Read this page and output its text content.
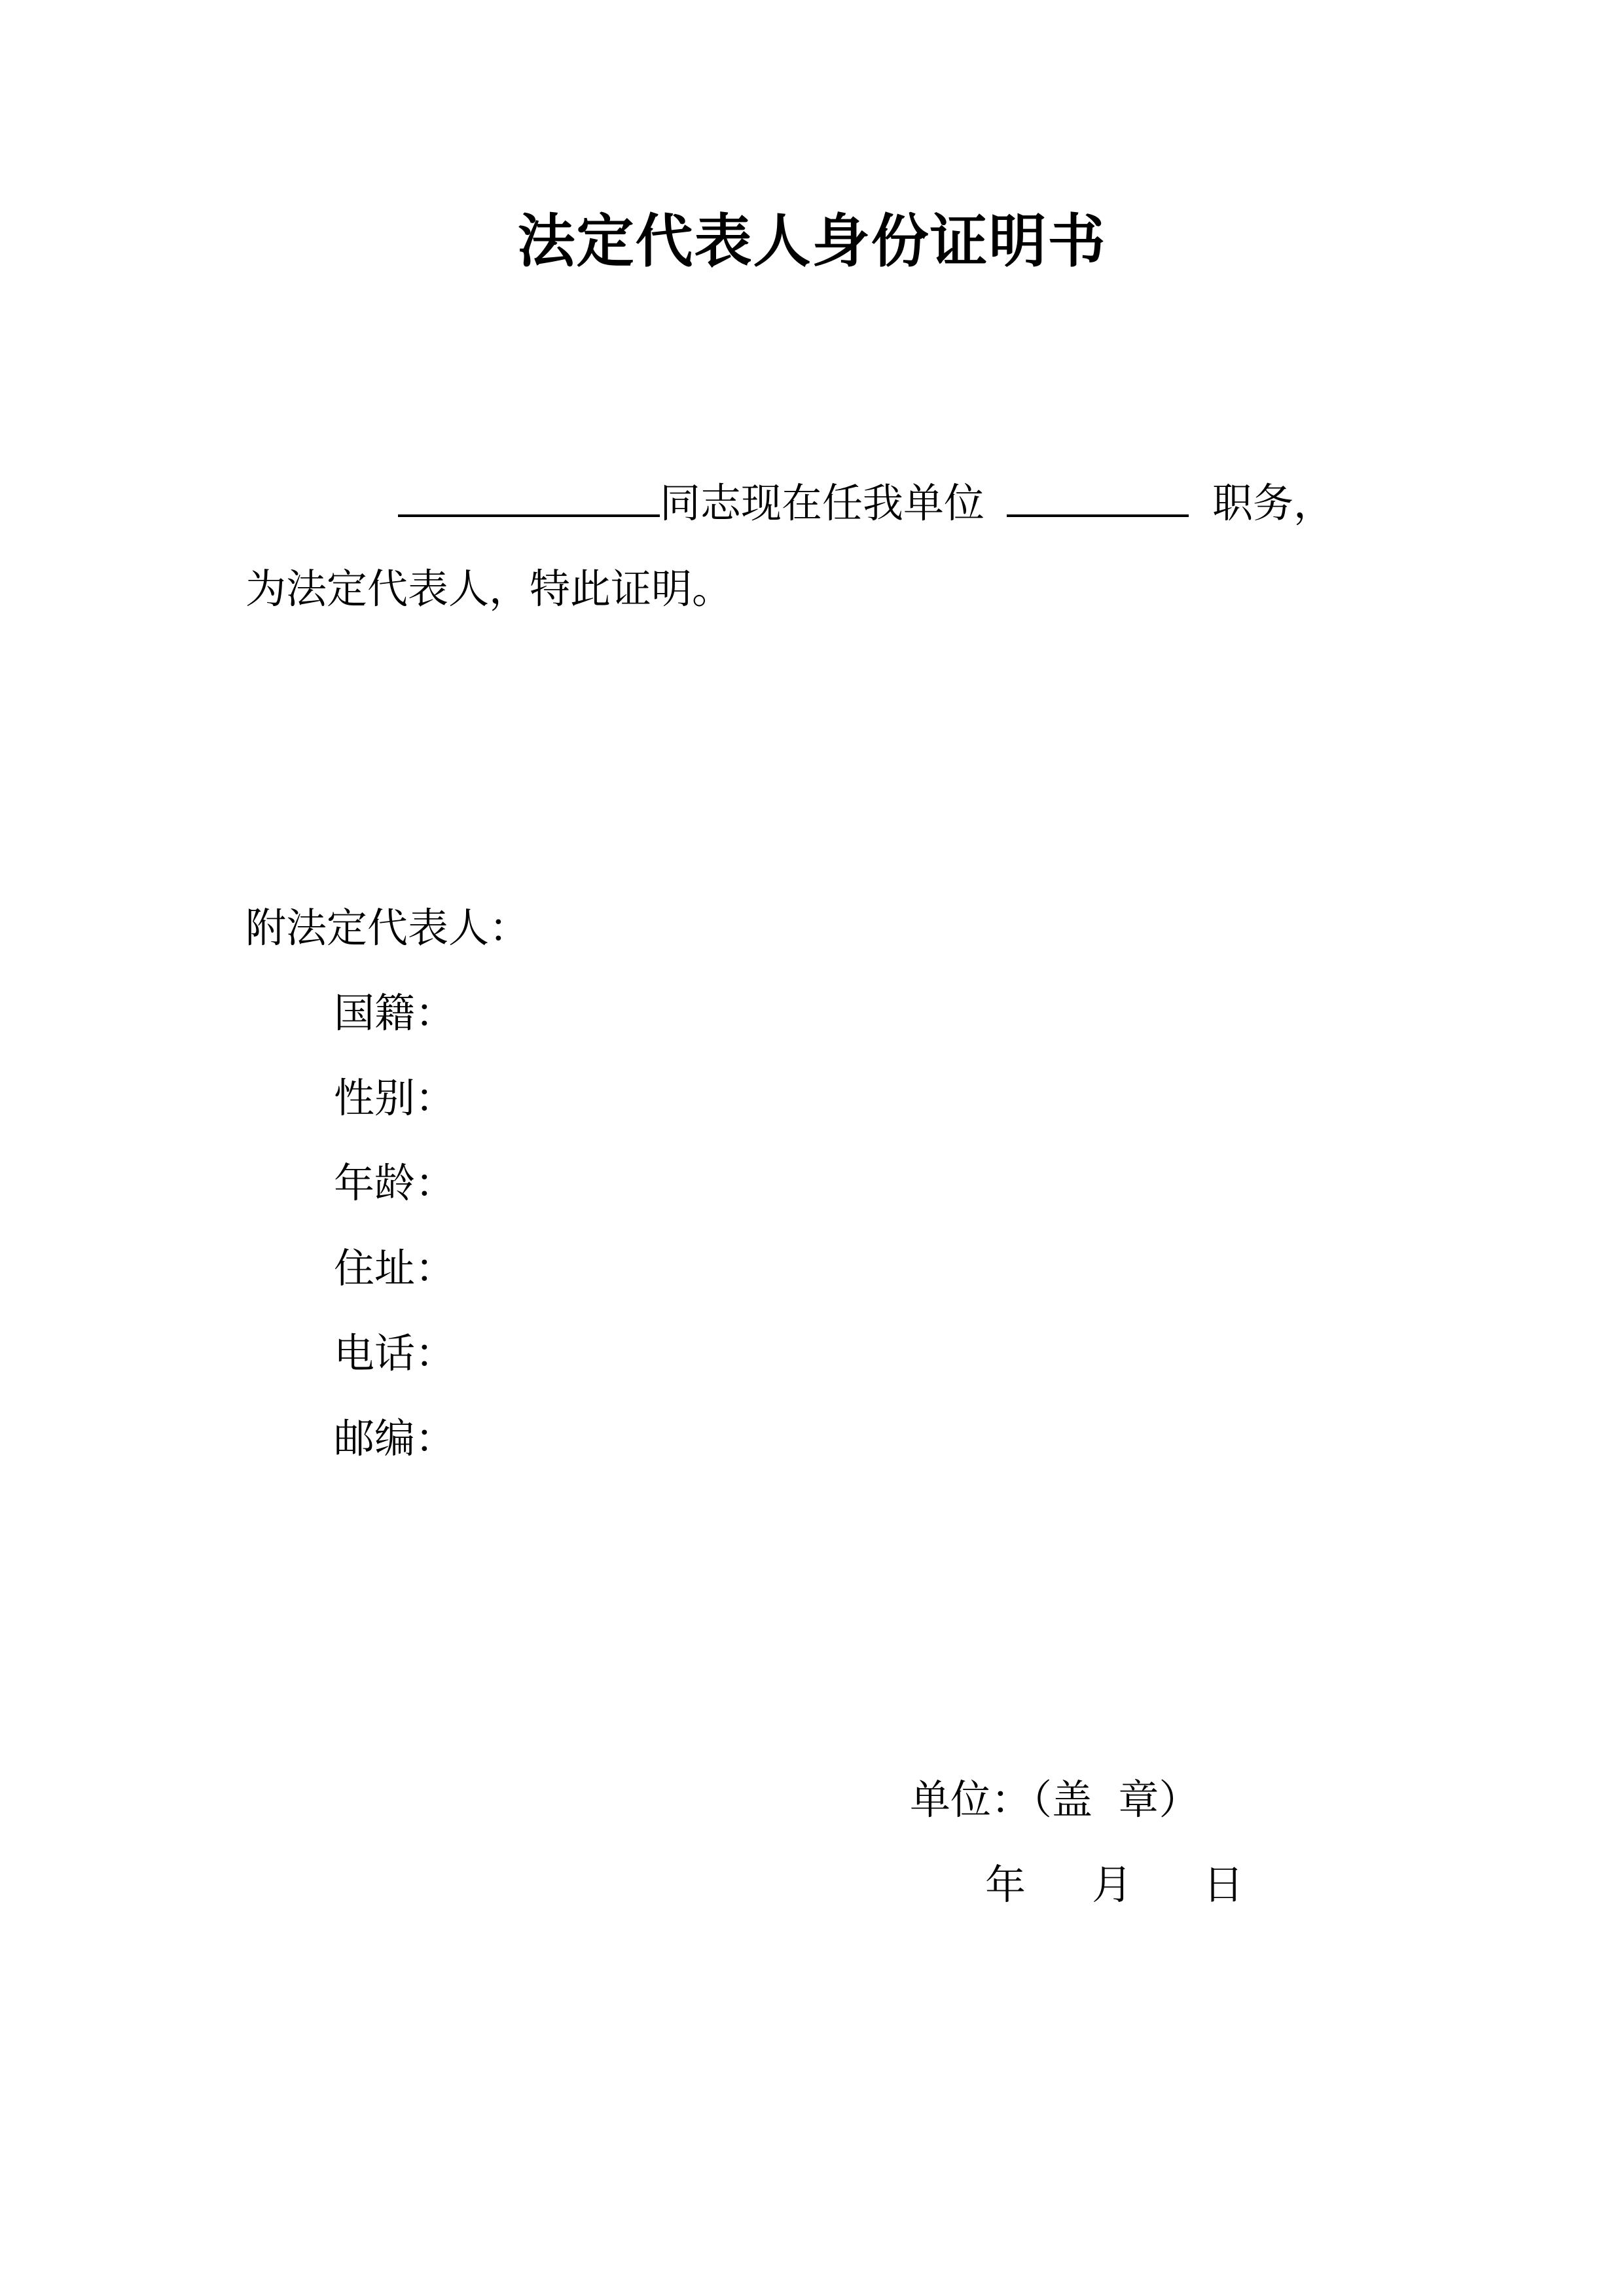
法定代表人身份证明书
同志现在任我单位	职务，
为法定代表人，特此证明。
附法定代表人：
国籍：
性别：
年龄：
住址：
电话：
邮编：
单位：（盖  章）
年 月 日
